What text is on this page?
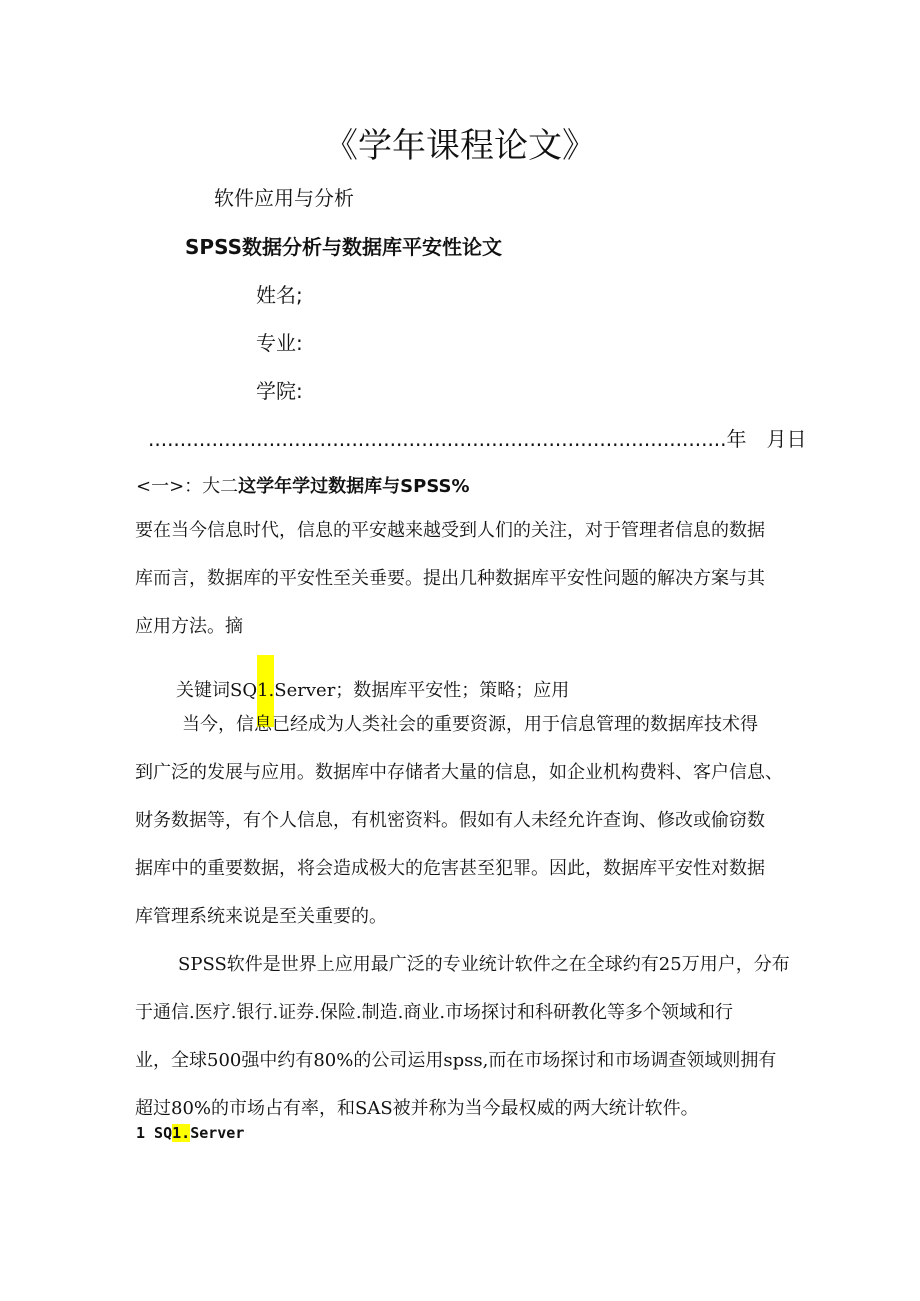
《学年课程论文》
软件应用与分析
SPSS数据分析与数据库平安性论文
姓名;
专业:
学院:
...........................................................................................年　月日
<一>：大二这学年学过数据库与SPSS%
要在当今信息时代，信息的平安越来越受到人们的关注，对于管理者信息的数据
库而言，数据库的平安性至关垂要。提出几种数据库平安性问题的解决方案与其
应用方法。摘
关键词SQ1.Server；数据库平安性；策略；应用
当今，信息已经成为人类社会的重要资源，用于信息管理的数据库技术得
到广泛的发展与应用。数据库中存储者大量的信息，如企业机构费料、客户信息、
财务数据等，有个人信息，有机密资料。假如有人未经允许查询、修改或偷窃数
据库中的重要数据，将会造成极大的危害甚至犯罪。因此，数据库平安性对数据
库管理系统来说是至关重要的。
SPSS软件是世界上应用最广泛的专业统计软件之在全球约有25万用户，分布
于通信.医疗.银行.证券.保险.制造.商业.市场探讨和科研教化等多个领域和行
业，全球500强中约有80%的公司运用spss,而在市场探讨和市场调查领域则拥有
超过80%的市场占有率，和SAS被并称为当今最权威的两大统计软件。
1 SQ1.Server
